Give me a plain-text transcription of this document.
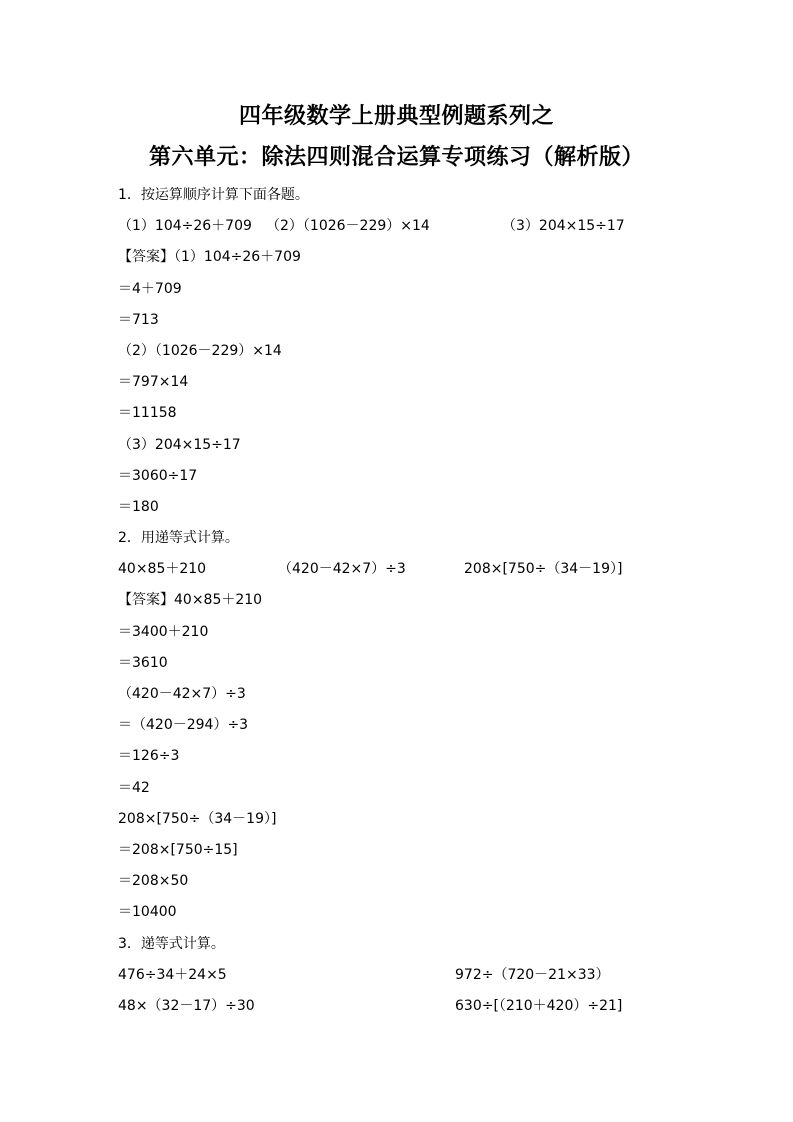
四年级数学上册典型例题系列之
第六单元：除法四则混合运算专项练习（解析版）
1．按运算顺序计算下面各题。

（1）104÷26＋709

（2）（1026－229）×14

	（3）204×15÷17

【答案】（1）104÷26＋709
＝4＋709
＝713
（2）（1026－229）×14
＝797×14
＝11158
（3）204×15÷17
＝3060÷17
＝180
2．用递等式计算。

40×85＋210

	（420－42×7）÷3

	208×[750÷（34－19）]

【答案】40×85＋210
＝3400＋210
＝3610
（420－42×7）÷3
＝（420－294）÷3
＝126÷3
＝42
208×[750÷（34－19）]
＝208×[750÷15]
＝208×50
＝10400
3．递等式计算。

476÷34＋24×5

	972÷（720－21×33）

48×（32－17）÷30

	630÷[（210＋420）÷21]
